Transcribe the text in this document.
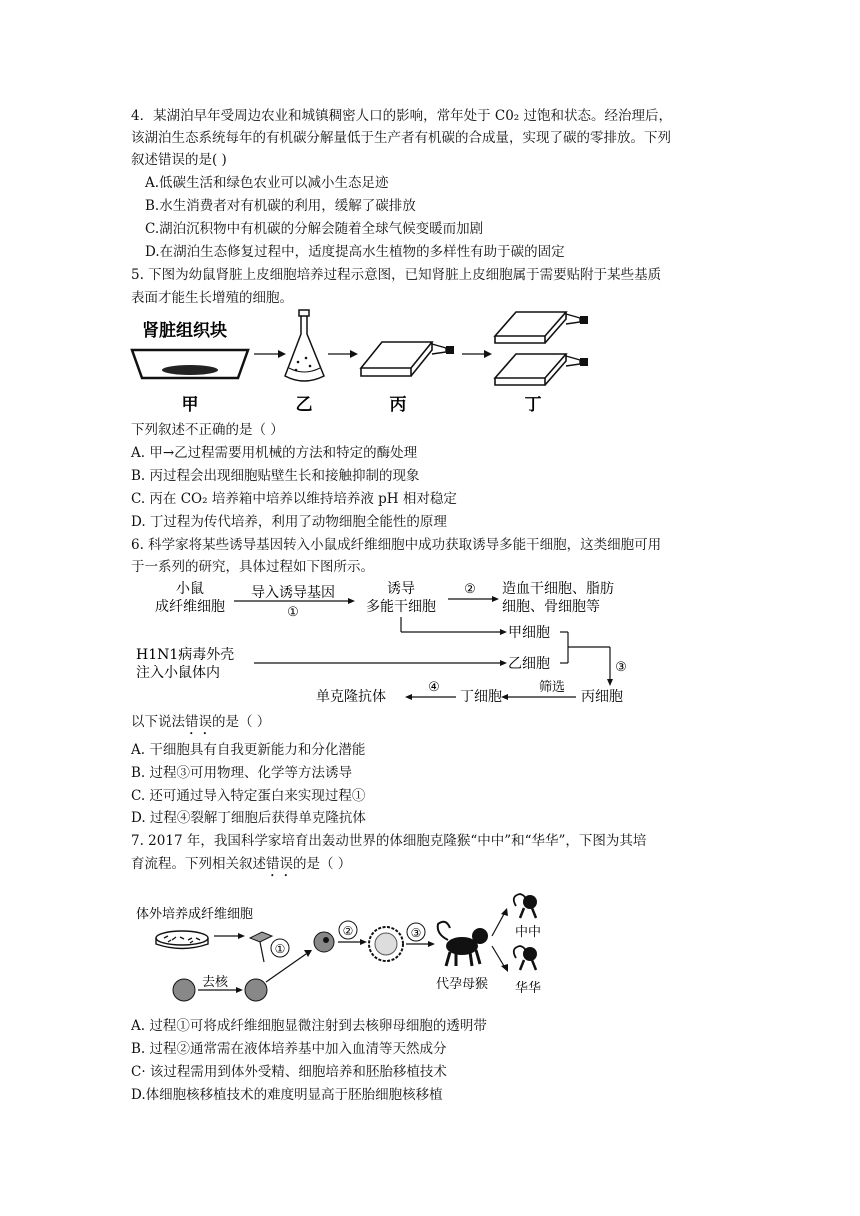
4．某湖泊早年受周边农业和城镇稠密人口的影响，常年处于 C0₂ 过饱和状态。经治理后，
该湖泊生态系统每年的有机碳分解量低于生产者有机碳的合成量，实现了碳的零排放。下列
叙述错误的是( )
A.低碳生活和绿色农业可以减小生态足迹
B.水生消费者对有机碳的利用，缓解了碳排放
C.湖泊沉积物中有机碳的分解会随着全球气候变暖而加剧
D.在湖泊生态修复过程中，适度提高水生植物的多样性有助于碳的固定
5. 下图为幼鼠肾脏上皮细胞培养过程示意图，已知肾脏上皮细胞属于需要贴附于某些基质
表面才能生长增殖的细胞。
肾脏组织块
甲	乙	丙	丁
下列叙述不正确的是（ ）
A. 甲→乙过程需要用机械的方法和特定的酶处理
B. 丙过程会出现细胞贴壁生长和接触抑制的现象
C. 丙在 CO₂ 培养箱中培养以维持培养液 pH 相对稳定
D. 丁过程为传代培养，利用了动物细胞全能性的原理
6. 科学家将某些诱导基因转入小鼠成纤维细胞中成功获取诱导多能干细胞，这类细胞可用
于一系列的研究，具体过程如下图所示。
小鼠
成纤维细胞
导入诱导基因
①
诱导
多能干细胞
② 造血干细胞、脂肪
细胞、骨细胞等
甲细胞
H1N1病毒外壳
注入小鼠体内
乙细胞	③
丙细胞
筛选
丁细胞
④
单克隆抗体
以下说法错误的是（ ）
A. 干细胞具有自我更新能力和分化潜能
B. 过程③可用物理、化学等方法诱导
C. 还可通过导入特定蛋白来实现过程①
D. 过程④裂解丁细胞后获得单克隆抗体
7. 2017 年，我国科学家培育出轰动世界的体细胞克隆猴“中中”和“华华”，下图为其培
育流程。下列相关叙述错误的是（ ）
体外培养成纤维细胞
去核
①
②	③
代孕母猴
中中
华华
A. 过程①可将成纤维细胞显微注射到去核卵母细胞的透明带
B. 过程②通常需在液体培养基中加入血清等天然成分
C· 该过程需用到体外受精、细胞培养和胚胎移植技术
D.体细胞核移植技术的难度明显高于胚胎细胞核移植
